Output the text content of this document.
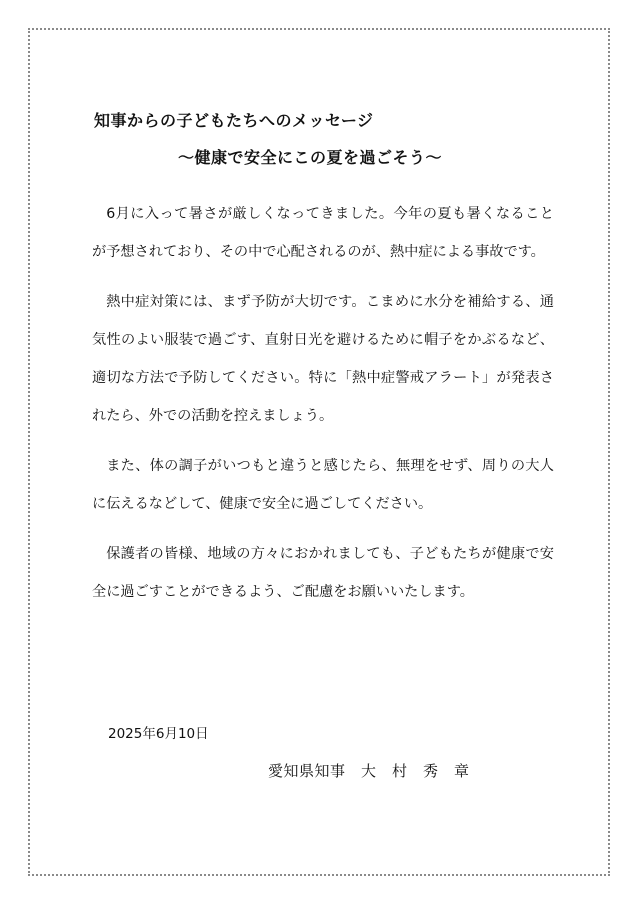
知事からの子どもたちへのメッセージ
～健康で安全にこの夏を過ごそう～

6月に入って暑さが厳しくなってきました。今年の夏も暑くなることが予想されており、その中で心配されるのが、熱中症による事故です。

熱中症対策には、まず予防が大切です。こまめに水分を補給する、通気性のよい服装で過ごす、直射日光を避けるために帽子をかぶるなど、適切な方法で予防してください。特に「熱中症警戒アラート」が発表されたら、外での活動を控えましょう。

また、体の調子がいつもと違うと感じたら、無理をせず、周りの大人に伝えるなどして、健康で安全に過ごしてください。

保護者の皆様、地域の方々におかれましても、子どもたちが健康で安全に過ごすことができるよう、ご配慮をお願いいたします。

2025年6月10日

愛知県知事　大　村　秀　章
